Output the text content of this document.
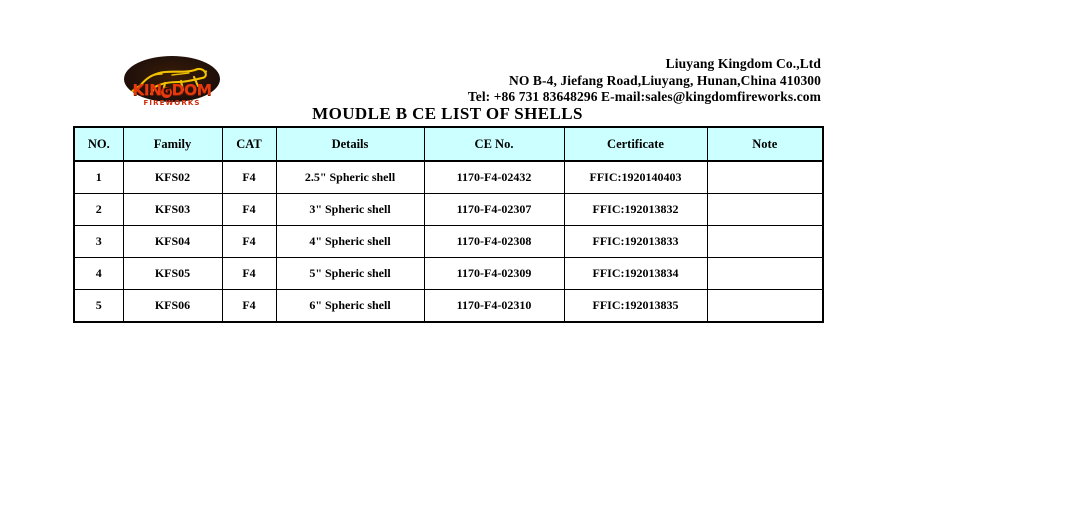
KIN G DOM
FIREWORKS
Liuyang Kingdom Co.,Ltd
NO B-4, Jiefang Road,Liuyang, Hunan,China 410300
Tel: +86 731 83648296 E-mail:sales@kingdomfireworks.com
MOUDLE B CE LIST OF SHELLS
NO.	Family	CAT	Details	CE No.	Certificate	Note
1	KFS02	F4	2.5" Spheric shell	1170-F4-02432	FFIC:1920140403	
2	KFS03	F4	3" Spheric shell	1170-F4-02307	FFIC:192013832	
3	KFS04	F4	4" Spheric shell	1170-F4-02308	FFIC:192013833	
4	KFS05	F4	5" Spheric shell	1170-F4-02309	FFIC:192013834	
5	KFS06	F4	6" Spheric shell	1170-F4-02310	FFIC:192013835	
